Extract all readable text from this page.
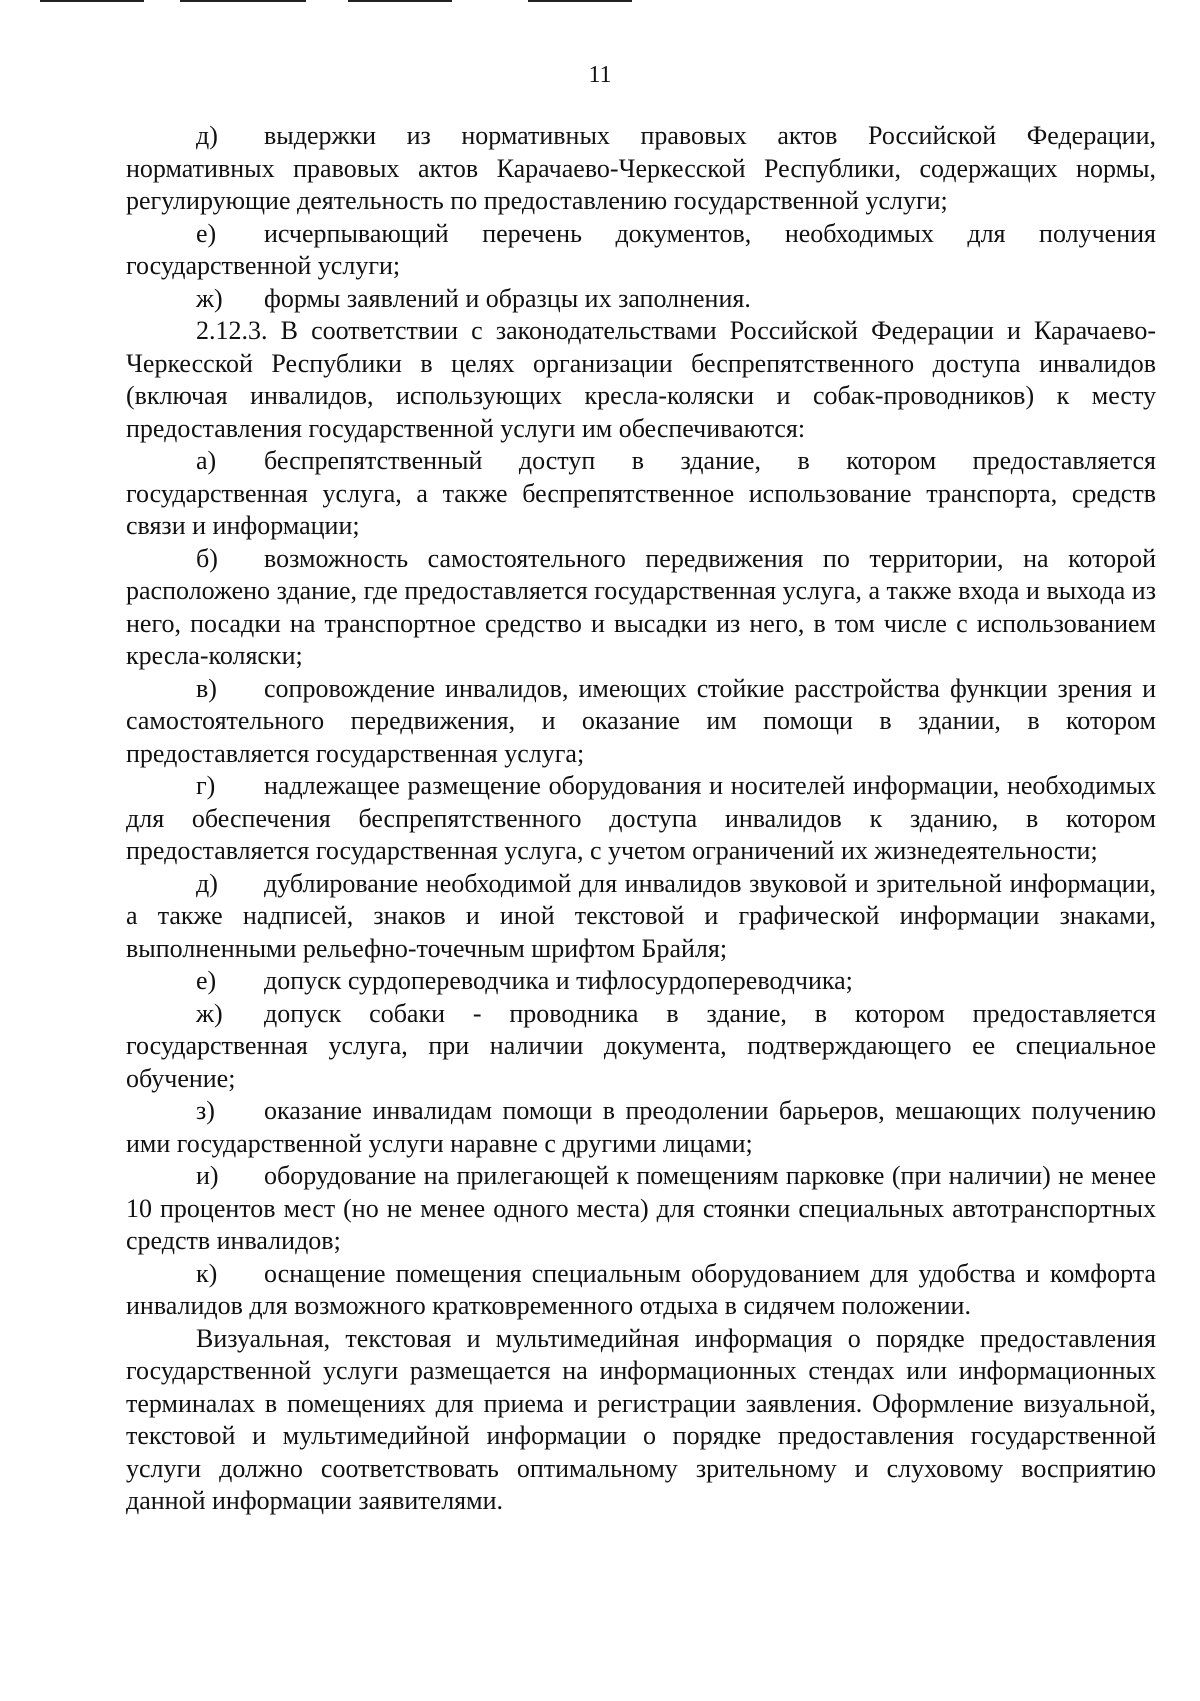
11

д) выдержки из нормативных правовых актов Российской Федерации, нормативных правовых актов Карачаево-Черкесской Республики, содержащих нормы, регулирующие деятельность по предоставлению государственной услуги;

е) исчерпывающий перечень документов, необходимых для получения государственной услуги;

ж) формы заявлений и образцы их заполнения.

2.12.3. В соответствии с законодательствами Российской Федерации и Карачаево-Черкесской Республики в целях организации беспрепятственного доступа инвалидов (включая инвалидов, использующих кресла-коляски и собак-проводников) к месту предоставления государственной услуги им обеспечиваются:

а) беспрепятственный доступ в здание, в котором предоставляется государственная услуга, а также беспрепятственное использование транспорта, средств связи и информации;

б) возможность самостоятельного передвижения по территории, на которой расположено здание, где предоставляется государственная услуга, а также входа и выхода из него, посадки на транспортное средство и высадки из него, в том числе с использованием кресла-коляски;

в) сопровождение инвалидов, имеющих стойкие расстройства функции зрения и самостоятельного передвижения, и оказание им помощи в здании, в котором предоставляется государственная услуга;

г) надлежащее размещение оборудования и носителей информации, необходимых для обеспечения беспрепятственного доступа инвалидов к зданию, в котором предоставляется государственная услуга, с учетом ограничений их жизнедеятельности;

д) дублирование необходимой для инвалидов звуковой и зрительной информации, а также надписей, знаков и иной текстовой и графической информации знаками, выполненными рельефно-точечным шрифтом Брайля;

е) допуск сурдопереводчика и тифлосурдопереводчика;

ж) допуск собаки - проводника в здание, в котором предоставляется государственная услуга, при наличии документа, подтверждающего ее специальное обучение;

з) оказание инвалидам помощи в преодолении барьеров, мешающих получению ими государственной услуги наравне с другими лицами;

и) оборудование на прилегающей к помещениям парковке (при наличии) не менее 10 процентов мест (но не менее одного места) для стоянки специальных автотранспортных средств инвалидов;

к) оснащение помещения специальным оборудованием для удобства и комфорта инвалидов для возможного кратковременного отдыха в сидячем положении.

Визуальная, текстовая и мультимедийная информация о порядке предоставления государственной услуги размещается на информационных стендах или информационных терминалах в помещениях для приема и регистрации заявления. Оформление визуальной, текстовой и мультимедийной информации о порядке предоставления государственной услуги должно соответствовать оптимальному зрительному и слуховому восприятию данной информации заявителями.
